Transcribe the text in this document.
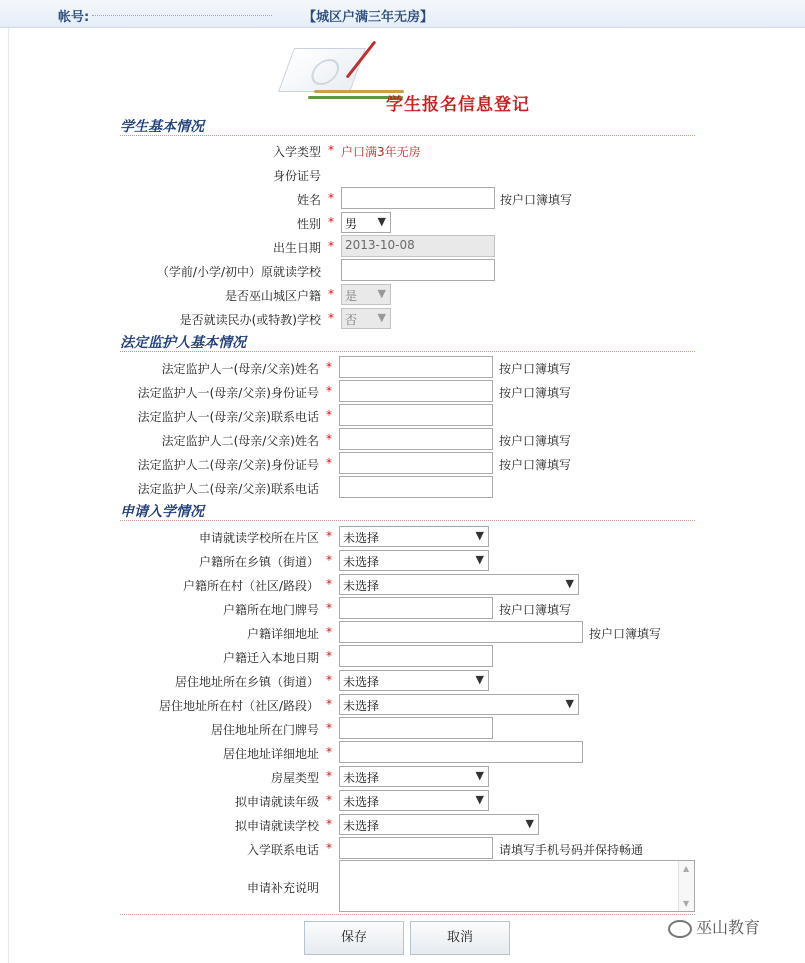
帐号:	【城区户满三年无房】
学生报名信息登记
学生基本情况
入学类型 * 户口满3年无房
身份证号
姓名 *	按户口簿填写
性别 * 男 ▼
出生日期 * 2013-10-08
（学前/小学/初中）原就读学校
是否巫山城区户籍 * 是 ▼
是否就读民办(或特教)学校 * 否 ▼
法定监护人基本情况
法定监护人一(母亲/父亲)姓名 *	按户口簿填写
法定监护人一(母亲/父亲)身份证号 *	按户口簿填写
法定监护人一(母亲/父亲)联系电话 *
法定监护人二(母亲/父亲)姓名 *	按户口簿填写
法定监护人二(母亲/父亲)身份证号 *	按户口簿填写
法定监护人二(母亲/父亲)联系电话
申请入学情况
申请就读学校所在片区 * 未选择	▼
户籍所在乡镇（街道） * 未选择	▼
户籍所在村（社区/路段） * 未选择	▼
户籍所在地门牌号 *	按户口簿填写
户籍详细地址 *	按户口簿填写
户籍迁入本地日期 *
居住地址所在乡镇（街道） * 未选择	▼
居住地址所在村（社区/路段） * 未选择	▼
居住地址所在门牌号 *
居住地址详细地址 *
房屋类型 * 未选择	▼
拟申请就读年级 * 未选择	▼
拟申请就读学校 * 未选择	▼
入学联系电话 *	请填写手机号码并保持畅通
申请补充说明
▲
▼
保存	取消
巫山教育
